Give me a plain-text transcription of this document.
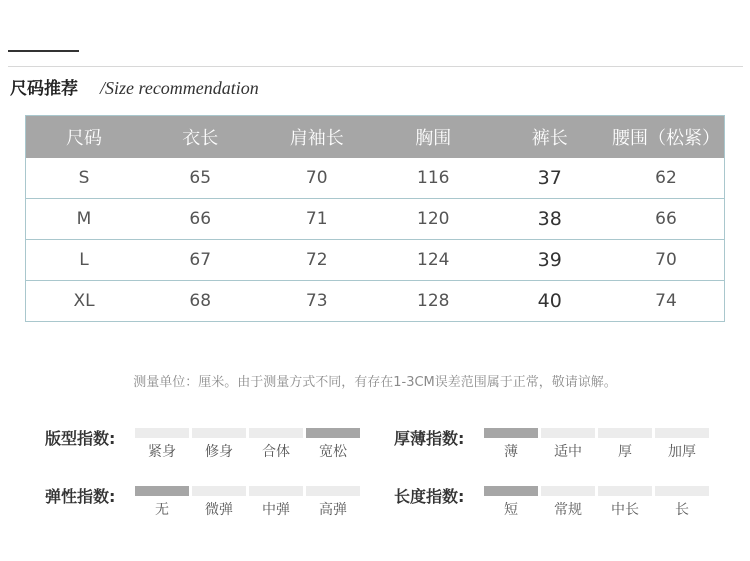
尺码推荐 /Size recommendation
尺码	衣长	肩袖长	胸围	裤长	腰围（松紧）
S	65	70	116	37	62
M	66	71	120	38	66
L	67	72	124	39	70
XL	68	73	128	40	74
测量单位：厘米。由于测量方式不同，有存在1-3CM误差范围属于正常，敬请谅解。
版型指数:
紧身	修身	合体	宽松
厚薄指数:
薄	适中	厚	加厚
弹性指数:
无	微弹	中弹	高弹
长度指数:
短	常规	中长	长
